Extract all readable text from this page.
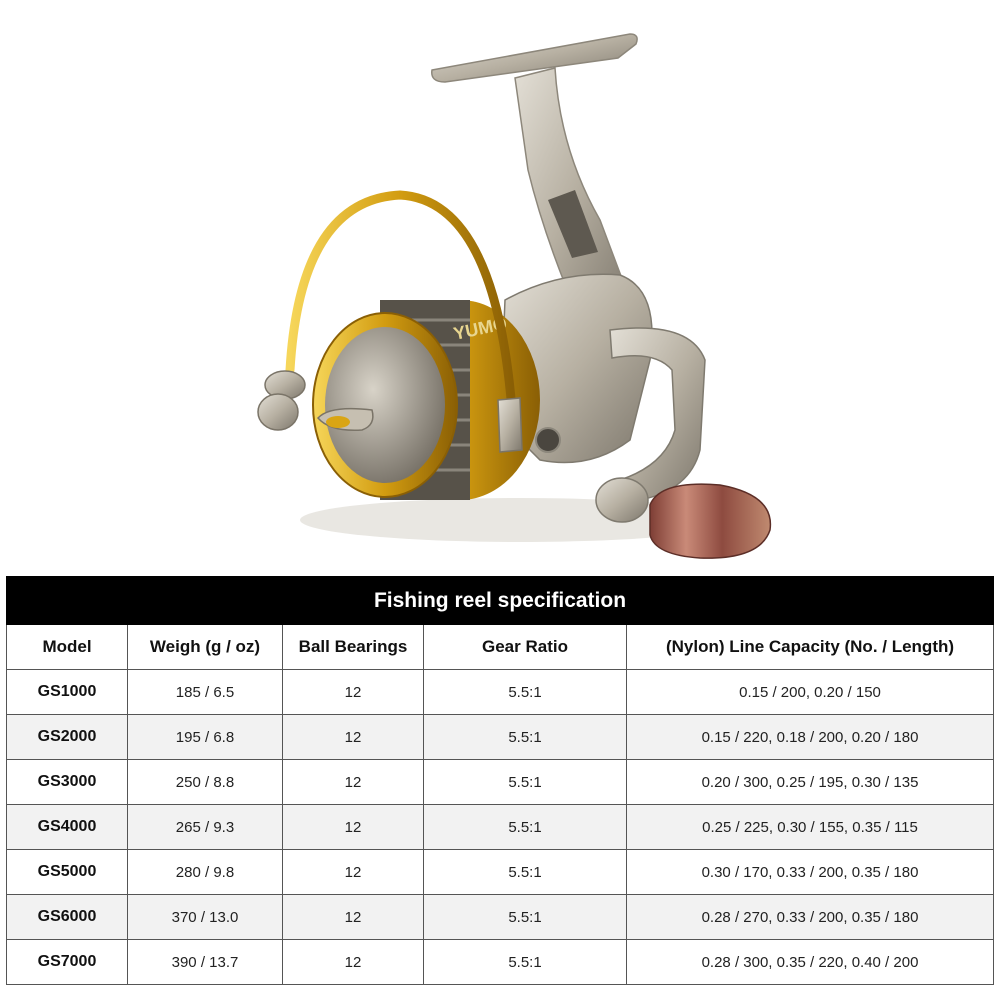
YUMO
Fishing reel specification				
Model	Weigh (g / oz)	Ball Bearings	Gear Ratio	(Nylon) Line Capacity (No. / Length)
GS1000	185 / 6.5	12	5.5:1	0.15 / 200, 0.20 / 150
GS2000	195 / 6.8	12	5.5:1	0.15 / 220, 0.18 / 200, 0.20 / 180
GS3000	250 / 8.8	12	5.5:1	0.20 / 300, 0.25 / 195, 0.30 / 135
GS4000	265 / 9.3	12	5.5:1	0.25 / 225, 0.30 / 155, 0.35 / 115
GS5000	280 / 9.8	12	5.5:1	0.30 / 170, 0.33 / 200, 0.35 / 180
GS6000	370 / 13.0	12	5.5:1	0.28 / 270, 0.33 / 200, 0.35 / 180
GS7000	390 / 13.7	12	5.5:1	0.28 / 300, 0.35 / 220, 0.40 / 200
